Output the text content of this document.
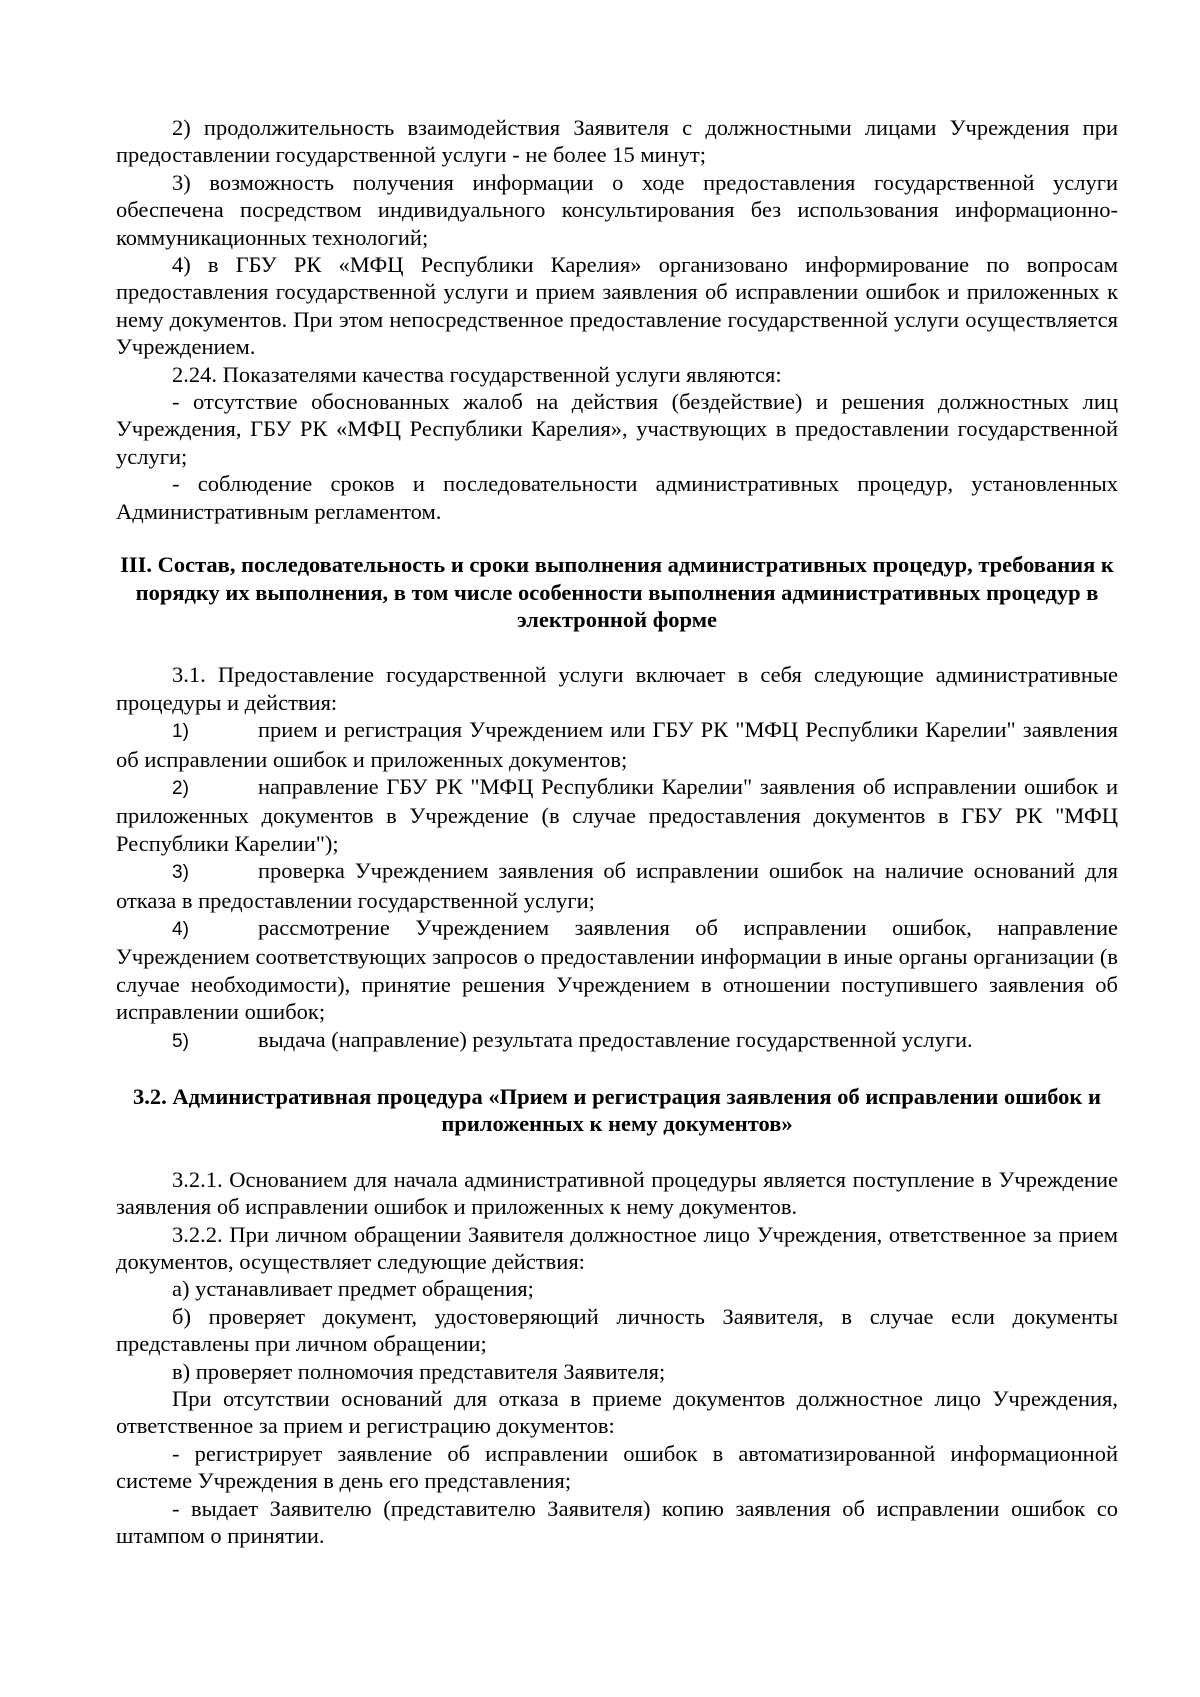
2) продолжительность взаимодействия Заявителя с должностными лицами Учреждения при предоставлении государственной услуги - не более 15 минут;

3) возможность получения информации о ходе предоставления государственной услуги обеспечена посредством индивидуального консультирования без использования информационно-коммуникационных технологий;

4) в ГБУ РК «МФЦ Республики Карелия» организовано информирование по вопросам предоставления государственной услуги и прием заявления об исправлении ошибок и приложенных к нему документов. При этом непосредственное предоставление государственной услуги осуществляется Учреждением.

2.24. Показателями качества государственной услуги являются:

- отсутствие обоснованных жалоб на действия (бездействие) и решения должностных лиц Учреждения, ГБУ РК «МФЦ Республики Карелия», участвующих в предоставлении государственной услуги;

- соблюдение сроков и последовательности административных процедур, установленных Административным регламентом.

III. Состав, последовательность и сроки выполнения административных процедур, требования к порядку их выполнения, в том числе особенности выполнения административных процедур в электронной форме

3.1. Предоставление государственной услуги включает в себя следующие административные процедуры и действия:

1)	прием и регистрация Учреждением или ГБУ РК "МФЦ Республики Карелии" заявления об исправлении ошибок и приложенных документов;

2)	направление ГБУ РК "МФЦ Республики Карелии" заявления об исправлении ошибок и приложенных документов в Учреждение (в случае предоставления документов в ГБУ РК "МФЦ Республики Карелии");

3)	проверка Учреждением заявления об исправлении ошибок на наличие оснований для отказа в предоставлении государственной услуги;

4)	рассмотрение Учреждением заявления об исправлении ошибок, направление Учреждением соответствующих запросов о предоставлении информации в иные органы организации (в случае необходимости), принятие решения Учреждением в отношении поступившего заявления об исправлении ошибок;

5)	выдача (направление) результата предоставление государственной услуги.

3.2. Административная процедура «Прием и регистрация заявления об исправлении ошибок и приложенных к нему документов»

3.2.1. Основанием для начала административной процедуры является поступление в Учреждение заявления об исправлении ошибок и приложенных к нему документов.

3.2.2. При личном обращении Заявителя должностное лицо Учреждения, ответственное за прием документов, осуществляет следующие действия:

а) устанавливает предмет обращения;

б) проверяет документ, удостоверяющий личность Заявителя, в случае если документы представлены при личном обращении;

в) проверяет полномочия представителя Заявителя;

При отсутствии оснований для отказа в приеме документов должностное лицо Учреждения, ответственное за прием и регистрацию документов:

- регистрирует заявление об исправлении ошибок в автоматизированной информационной системе Учреждения в день его представления;

- выдает Заявителю (представителю Заявителя) копию заявления об исправлении ошибок со штампом о принятии.
